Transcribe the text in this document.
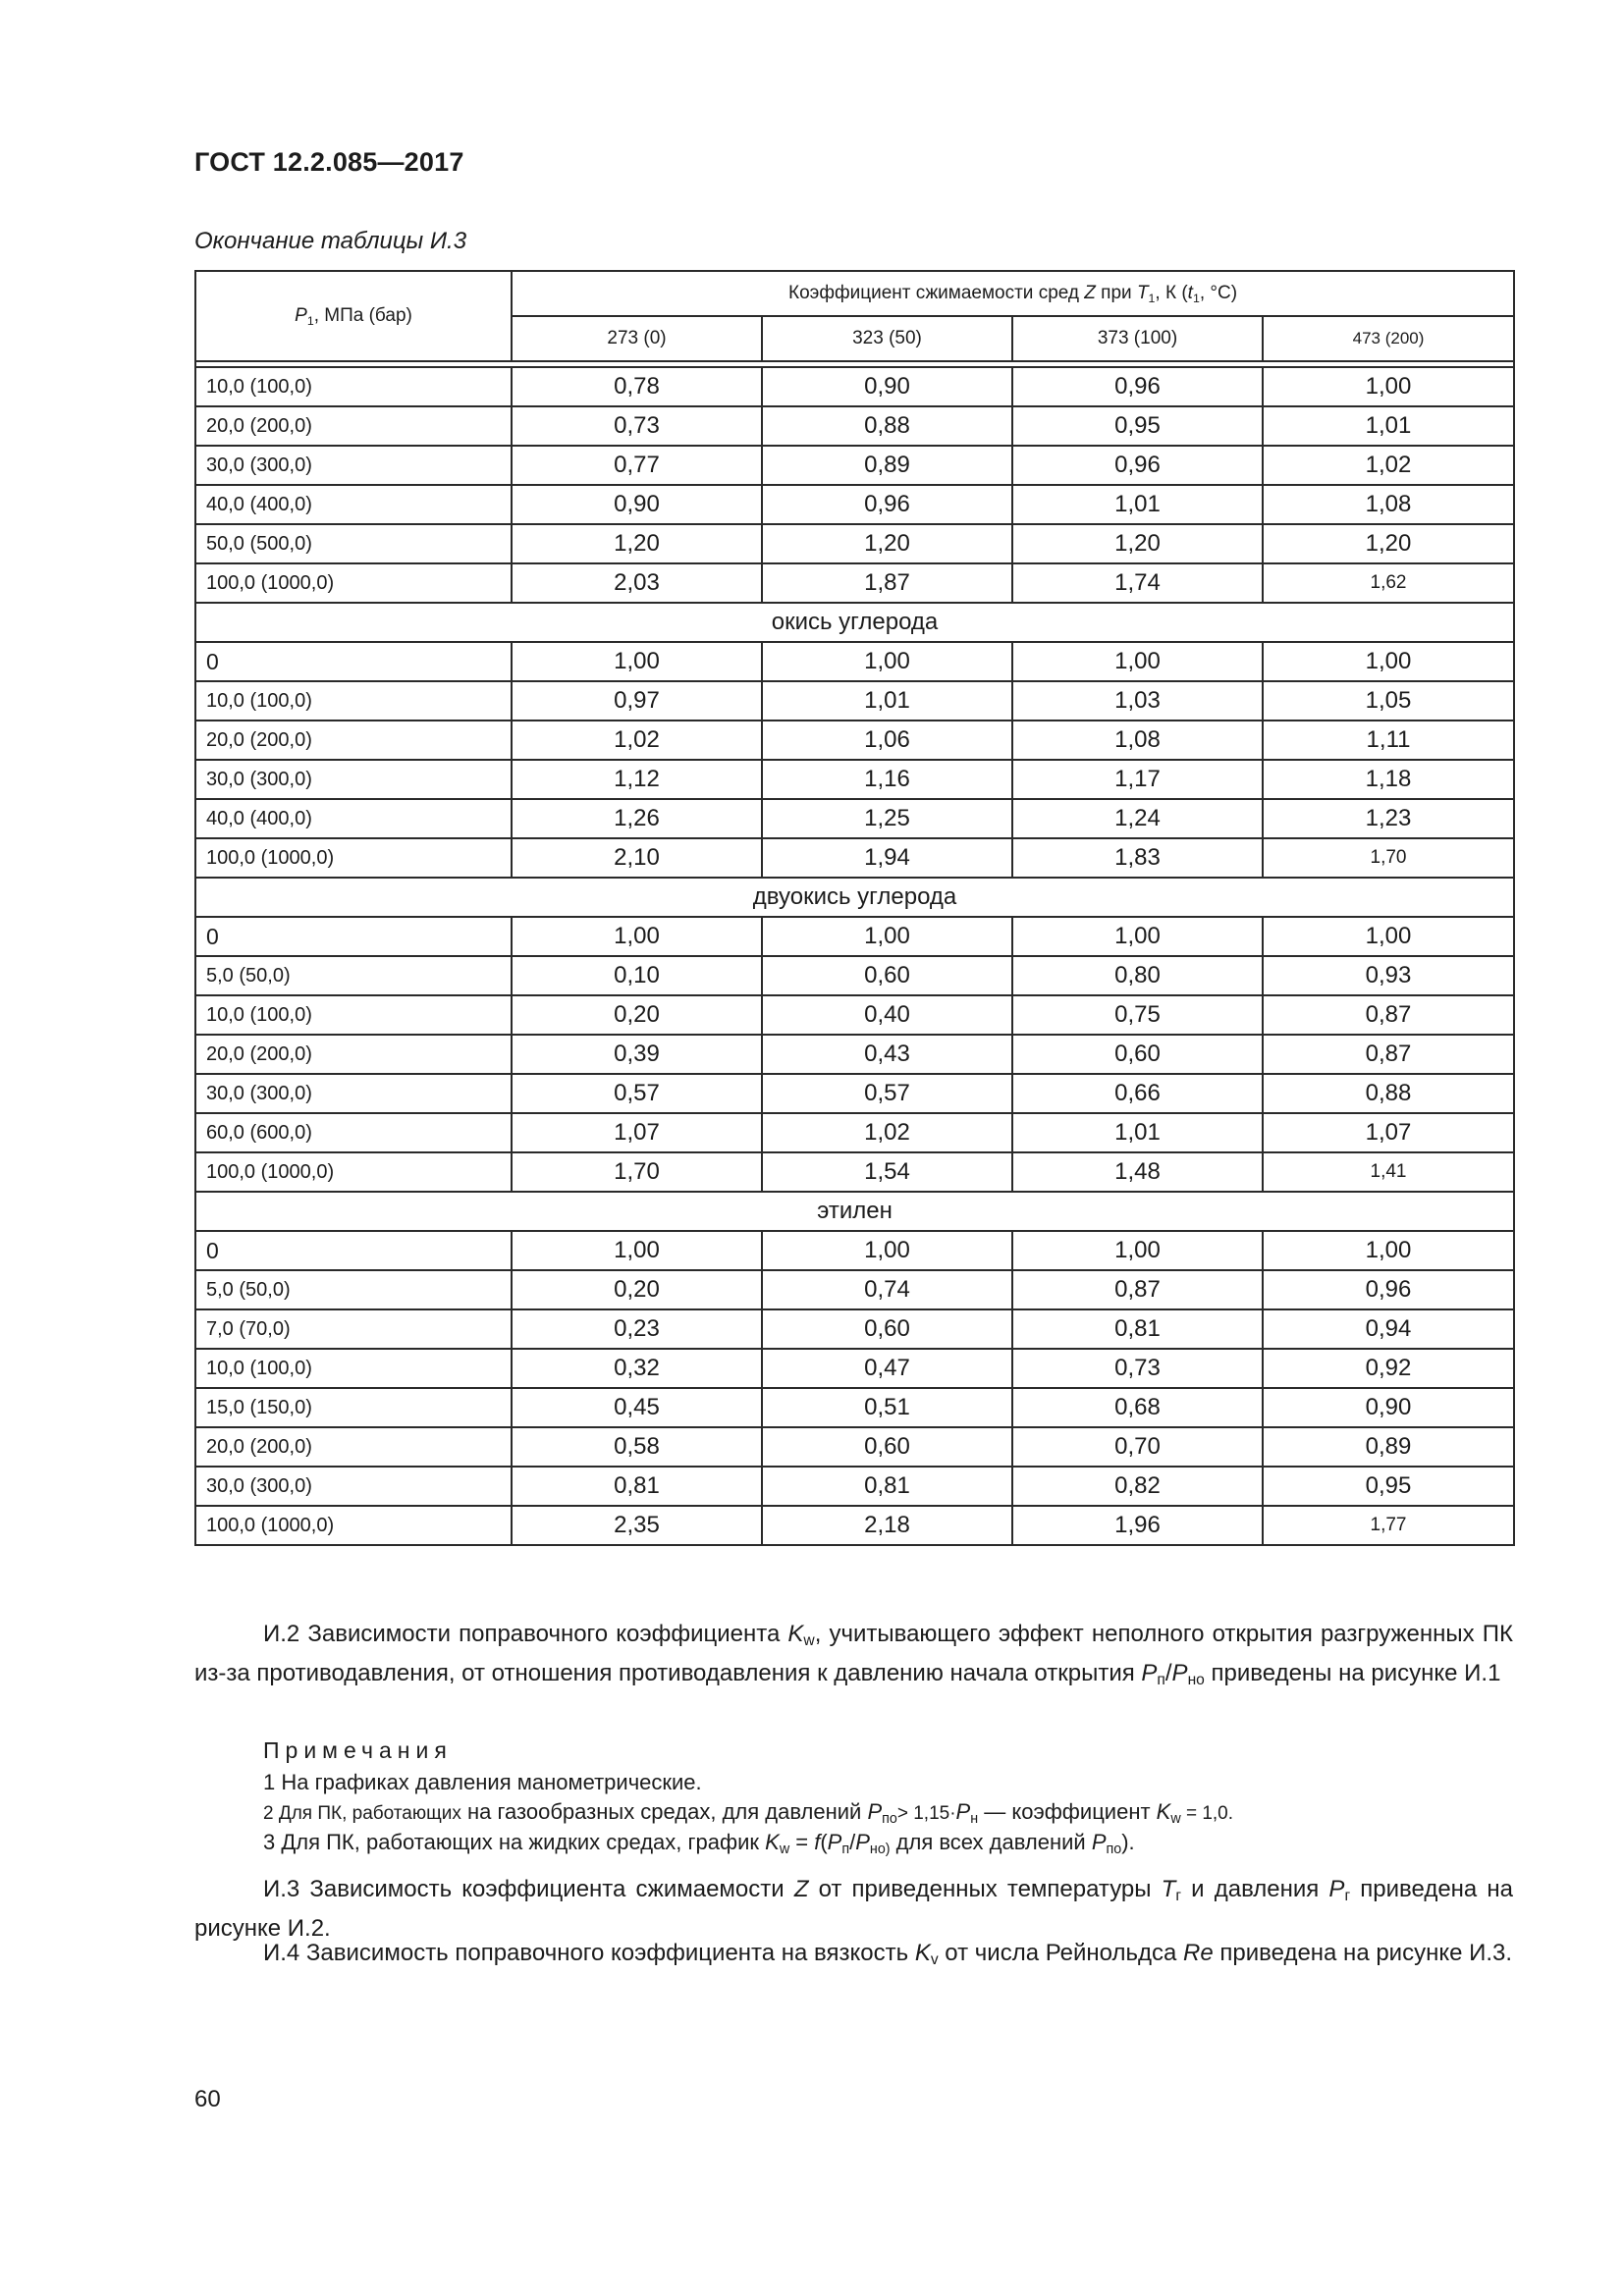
ГОСТ 12.2.085—2017
Окончание таблицы И.3
$P_1$, МПа (бар)	Коэффициент сжимаемости сред Z при $T_1$, К ($t_1$, °С)			
	273 (0)	323 (50)	373 (100)	473 (200)

10,0 (100,0)	0,78	0,90	0,96	1,00
20,0 (200,0)	0,73	0,88	0,95	1,01
30,0 (300,0)	0,77	0,89	0,96	1,02
40,0 (400,0)	0,90	0,96	1,01	1,08
50,0 (500,0)	1,20	1,20	1,20	1,20
100,0 (1000,0)	2,03	1,87	1,74	1,62
окись углерода				
0	1,00	1,00	1,00	1,00
10,0 (100,0)	0,97	1,01	1,03	1,05
20,0 (200,0)	1,02	1,06	1,08	1,11
30,0 (300,0)	1,12	1,16	1,17	1,18
40,0 (400,0)	1,26	1,25	1,24	1,23
100,0 (1000,0)	2,10	1,94	1,83	1,70
двуокись углерода				
0	1,00	1,00	1,00	1,00
5,0 (50,0)	0,10	0,60	0,80	0,93
10,0 (100,0)	0,20	0,40	0,75	0,87
20,0 (200,0)	0,39	0,43	0,60	0,87
30,0 (300,0)	0,57	0,57	0,66	0,88
60,0 (600,0)	1,07	1,02	1,01	1,07
100,0 (1000,0)	1,70	1,54	1,48	1,41
этилен				
0	1,00	1,00	1,00	1,00
5,0 (50,0)	0,20	0,74	0,87	0,96
7,0 (70,0)	0,23	0,60	0,81	0,94
10,0 (100,0)	0,32	0,47	0,73	0,92
15,0 (150,0)	0,45	0,51	0,68	0,90
20,0 (200,0)	0,58	0,60	0,70	0,89
30,0 (300,0)	0,81	0,81	0,82	0,95
100,0 (1000,0)	2,35	2,18	1,96	1,77
И.2 Зависимости поправочного коэффициента $K_w$, учитывающего эффект неполного открытия разгруженных ПК из-за противодавления, от отношения противодавления к давлению начала открытия $P_п/P_{но}$ приведены на рисунке И.1
Примечания
1 На графиках давления манометрические.
2 Для ПК, работающих на газообразных средах, для давлений $P_{по}> 1,15\cdot P_н$ — коэффициент $K_w = 1,0$.
3 Для ПК, работающих на жидких средах, график $K_w = f(P_п/P_{но)}$ для всех давлений $P_{по}$).
И.3 Зависимость коэффициента сжимаемости Z от приведенных температуры $T_г$ и давления $P_г$ приведена на рисунке И.2.
И.4 Зависимость поправочного коэффициента на вязкость $K_v$ от числа Рейнольдса Re приведена на рисунке И.3.
60
